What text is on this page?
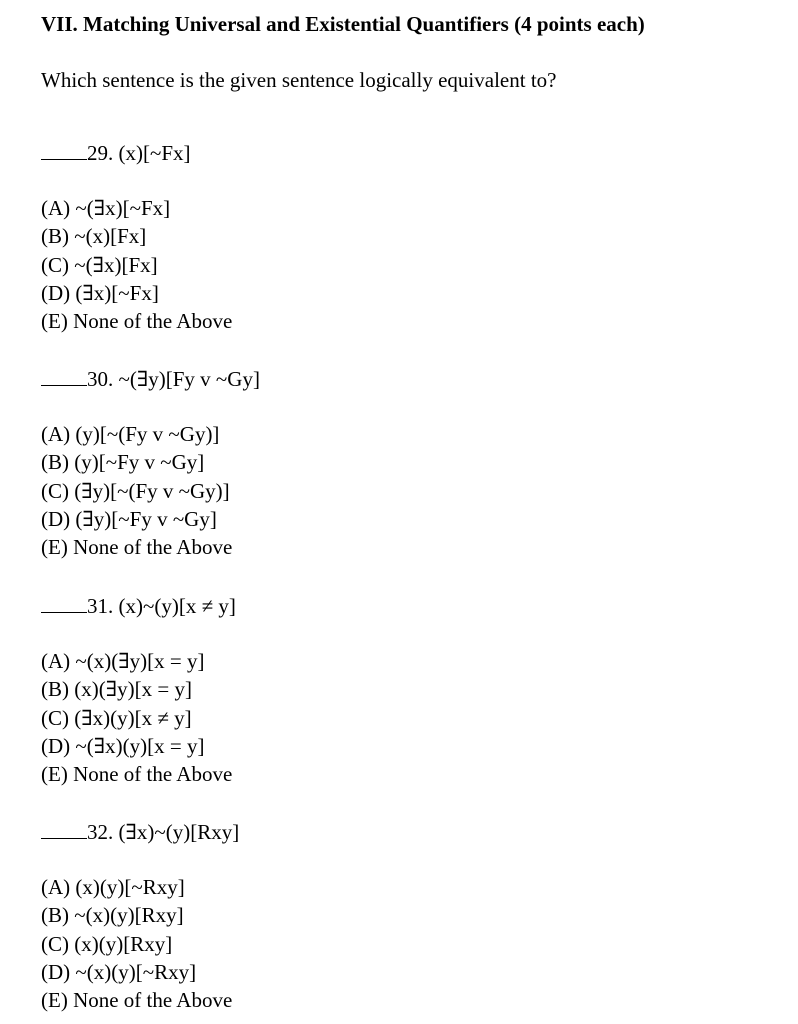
VII. Matching Universal and Existential Quantifiers (4 points each)
Which sentence is the given sentence logically equivalent to?
29. (x)[~Fx]
(A) ~(∃x)[~Fx]
(B) ~(x)[Fx]
(C) ~(∃x)[Fx]
(D) (∃x)[~Fx]
(E) None of the Above
30. ~(∃y)[Fy v ~Gy]
(A) (y)[~(Fy v ~Gy)]
(B) (y)[~Fy v ~Gy]
(C) (∃y)[~(Fy v ~Gy)]
(D) (∃y)[~Fy v ~Gy]
(E) None of the Above
31. (x)~(y)[x ≠ y]
(A) ~(x)(∃y)[x = y]
(B) (x)(∃y)[x = y]
(C) (∃x)(y)[x ≠ y]
(D) ~(∃x)(y)[x = y]
(E) None of the Above
32. (∃x)~(y)[Rxy]
(A) (x)(y)[~Rxy]
(B) ~(x)(y)[Rxy]
(C) (x)(y)[Rxy]
(D) ~(x)(y)[~Rxy]
(E) None of the Above
